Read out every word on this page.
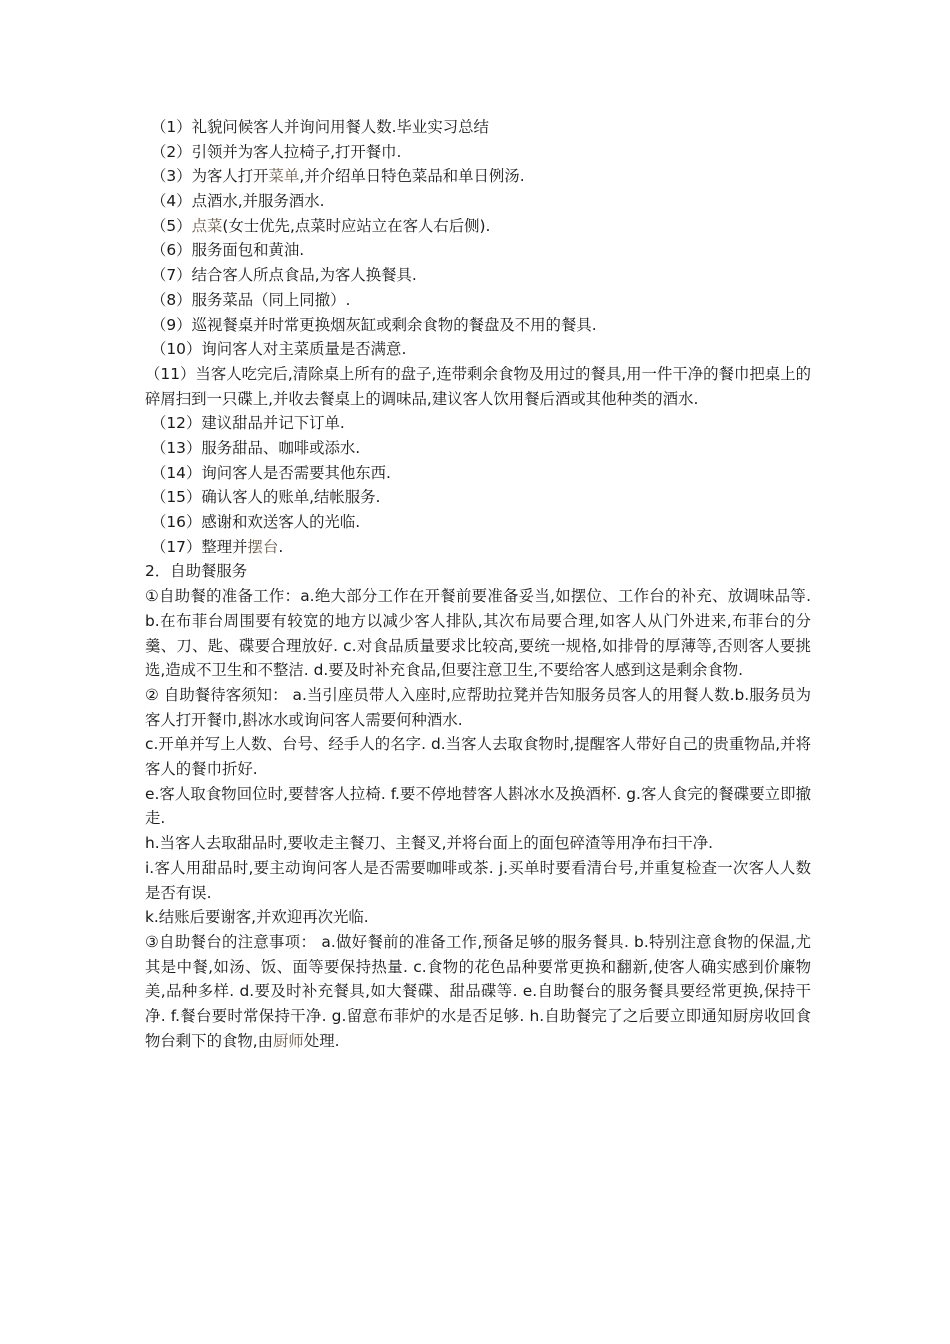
（1）礼貌问候客人并询问用餐人数.毕业实习总结
（2）引领并为客人拉椅子,打开餐巾.
（3）为客人打开菜单,并介绍单日特色菜品和单日例汤.
（4）点酒水,并服务酒水.
（5）点菜(女士优先,点菜时应站立在客人右后侧).
（6）服务面包和黄油.
（7）结合客人所点食品,为客人换餐具.
（8）服务菜品（同上同撤）.
（9）巡视餐桌并时常更换烟灰缸或剩余食物的餐盘及不用的餐具.
（10）询问客人对主菜质量是否满意.
（11）当客人吃完后,清除桌上所有的盘子,连带剩余食物及用过的餐具,用一件干净的餐巾把桌上的碎屑扫到一只碟上,并收去餐桌上的调味品,建议客人饮用餐后酒或其他种类的酒水.
（12）建议甜品并记下订单.
（13）服务甜品、咖啡或添水.
（14）询问客人是否需要其他东西.
（15）确认客人的账单,结帐服务.
（16）感谢和欢送客人的光临.
（17）整理并摆台.
2．自助餐服务
①自助餐的准备工作：a.绝大部分工作在开餐前要准备妥当,如摆位、工作台的补充、放调味品等. b.在布菲台周围要有较宽的地方以减少客人排队,其次布局要合理,如客人从门外进来,布菲台的分羹、刀、匙、碟要合理放好. c.对食品质量要求比较高,要统一规格,如排骨的厚薄等,否则客人要挑选,造成不卫生和不整洁. d.要及时补充食品,但要注意卫生,不要给客人感到这是剩余食物.
② 自助餐待客须知： a.当引座员带人入座时,应帮助拉凳并告知服务员客人的用餐人数.b.服务员为客人打开餐巾,斟冰水或询问客人需要何种酒水.
c.开单并写上人数、台号、经手人的名字. d.当客人去取食物时,提醒客人带好自己的贵重物品,并将客人的餐巾折好.
e.客人取食物回位时,要替客人拉椅. f.要不停地替客人斟冰水及换酒杯. g.客人食完的餐碟要立即撤走.
h.当客人去取甜品时,要收走主餐刀、主餐叉,并将台面上的面包碎渣等用净布扫干净.
i.客人用甜品时,要主动询问客人是否需要咖啡或茶. j.买单时要看清台号,并重复检查一次客人人数是否有误.
k.结账后要谢客,并欢迎再次光临.
③自助餐台的注意事项： a.做好餐前的准备工作,预备足够的服务餐具. b.特别注意食物的保温,尤其是中餐,如汤、饭、面等要保持热量. c.食物的花色品种要常更换和翻新,使客人确实感到价廉物美,品种多样. d.要及时补充餐具,如大餐碟、甜品碟等. e.自助餐台的服务餐具要经常更换,保持干净. f.餐台要时常保持干净. g.留意布菲炉的水是否足够. h.自助餐完了之后要立即通知厨房收回食物台剩下的食物,由厨师处理.
